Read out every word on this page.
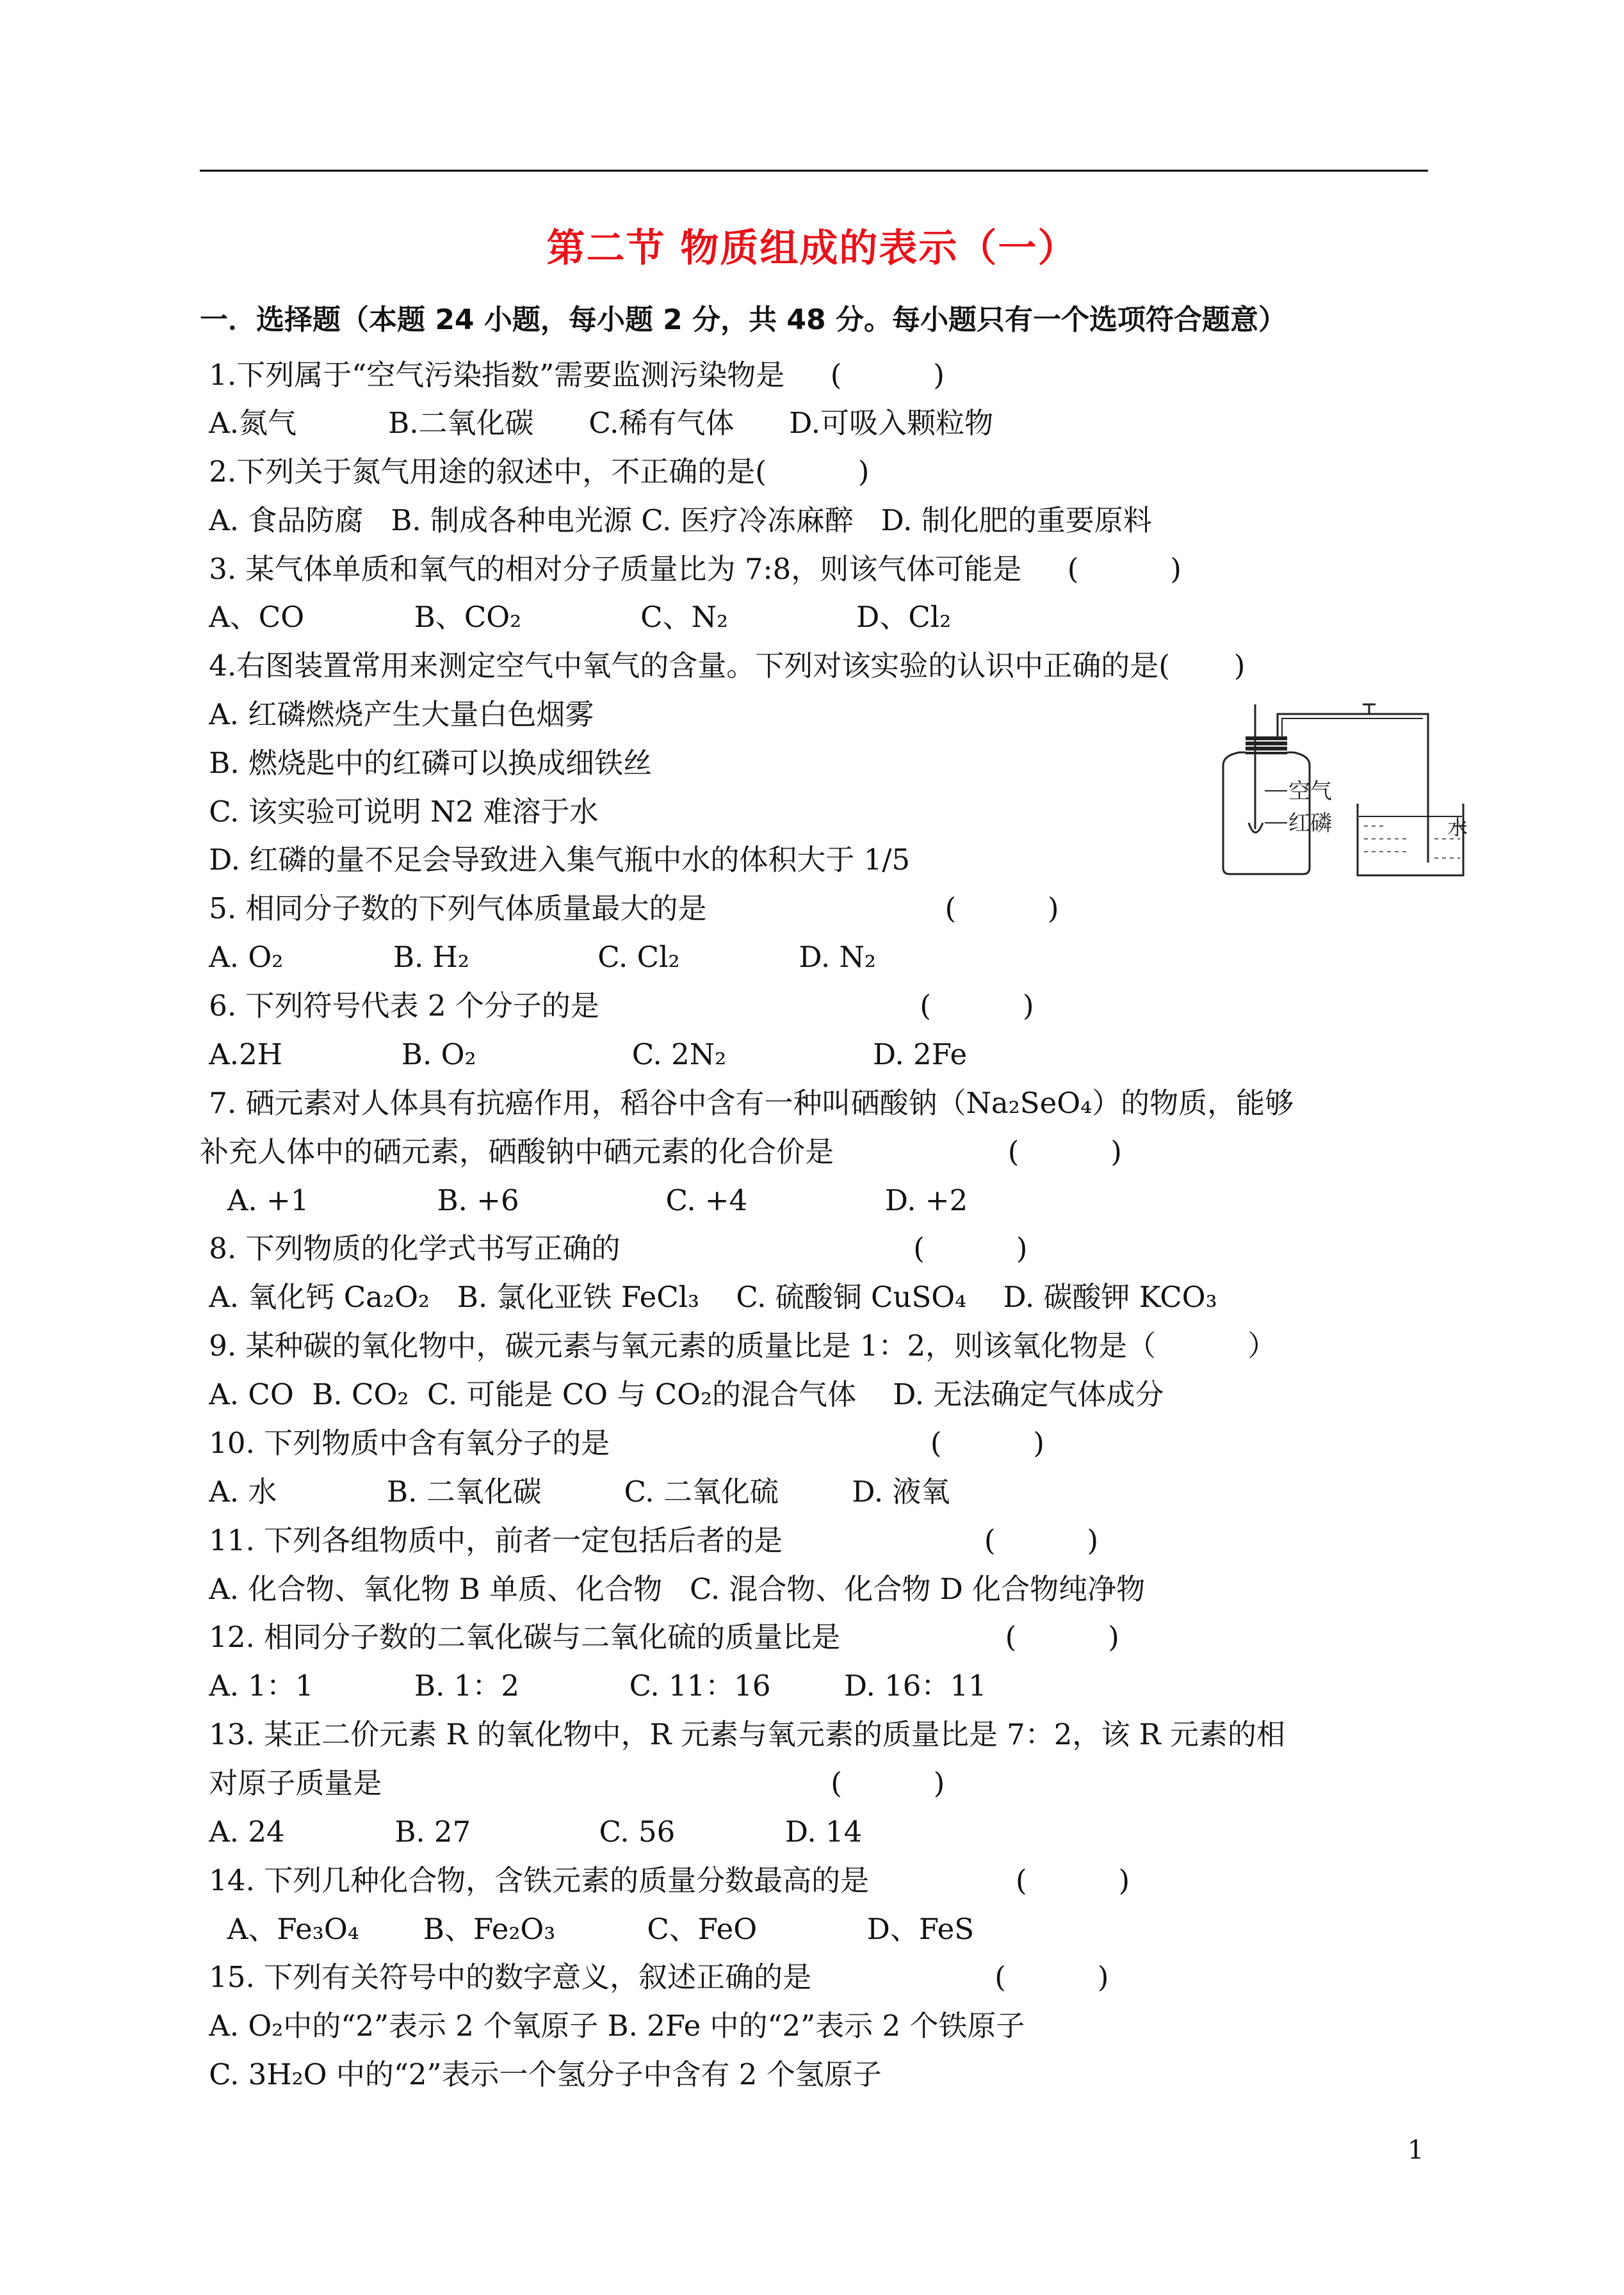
第二节 物质组成的表示（一）
一．选择题（本题 24 小题，每小题 2 分，共 48 分。每小题只有一个选项符合题意）
1.下列属于“空气污染指数”需要监测污染物是     (          )
A.氮气          B.二氧化碳      C.稀有气体      D.可吸入颗粒物
2.下列关于氮气用途的叙述中，不正确的是(          )
A. 食品防腐   B. 制成各种电光源 C. 医疗冷冻麻醉   D. 制化肥的重要原料
3. 某气体单质和氧气的相对分子质量比为 7:8，则该气体可能是     (          )
A、CO            B、CO₂             C、N₂              D、Cl₂
4.右图装置常用来测定空气中氧气的含量。下列对该实验的认识中正确的是(       )
A. 红磷燃烧产生大量白色烟雾
B. 燃烧匙中的红磷可以换成细铁丝
C. 该实验可说明 N2 难溶于水
D. 红磷的量不足会导致进入集气瓶中水的体积大于 1/5
5. 相同分子数的下列气体质量最大的是                          (          )
A. O₂            B. H₂              C. Cl₂             D. N₂
6. 下列符号代表 2 个分子的是                                   (          )
A.2H             B. O₂                 C. 2N₂                D. 2Fe
7. 硒元素对人体具有抗癌作用，稻谷中含有一种叫硒酸钠（Na₂SeO₄）的物质，能够
补充人体中的硒元素，硒酸钠中硒元素的化合价是                   (          )
A. +1              B. +6                C. +4               D. +2
8. 下列物质的化学式书写正确的                                (          )
A. 氧化钙 Ca₂O₂   B. 氯化亚铁 FeCl₃    C. 硫酸铜 CuSO₄    D. 碳酸钾 KCO₃
9. 某种碳的氧化物中，碳元素与氧元素的质量比是 1：2，则该氧化物是（          ）
A. CO  B. CO₂  C. 可能是 CO 与 CO₂的混合气体    D. 无法确定气体成分
10. 下列物质中含有氧分子的是                                   (          )
A. 水            B. 二氧化碳         C. 二氧化硫        D. 液氧
11. 下列各组物质中，前者一定包括后者的是                      (          )
A. 化合物、氧化物 B 单质、化合物   C. 混合物、化合物 D 化合物纯净物
12. 相同分子数的二氧化碳与二氧化硫的质量比是                  (          )
A. 1：1           B. 1：2            C. 11：16        D. 16：11
13. 某正二价元素 R 的氧化物中，R 元素与氧元素的质量比是 7：2，该 R 元素的相
对原子质量是                                                 (          )
A. 24            B. 27              C. 56            D. 14
14. 下列几种化合物，含铁元素的质量分数最高的是                (          )
A、Fe₃O₄       B、Fe₂O₃          C、FeO            D、FeS
15. 下列有关符号中的数字意义，叙述正确的是                    (          )
A. O₂中的“2”表示 2 个氧原子 B. 2Fe 中的“2”表示 2 个铁原子
C. 3H₂O 中的“2”表示一个氢分子中含有 2 个氢原子
空气
红磷	水
1
